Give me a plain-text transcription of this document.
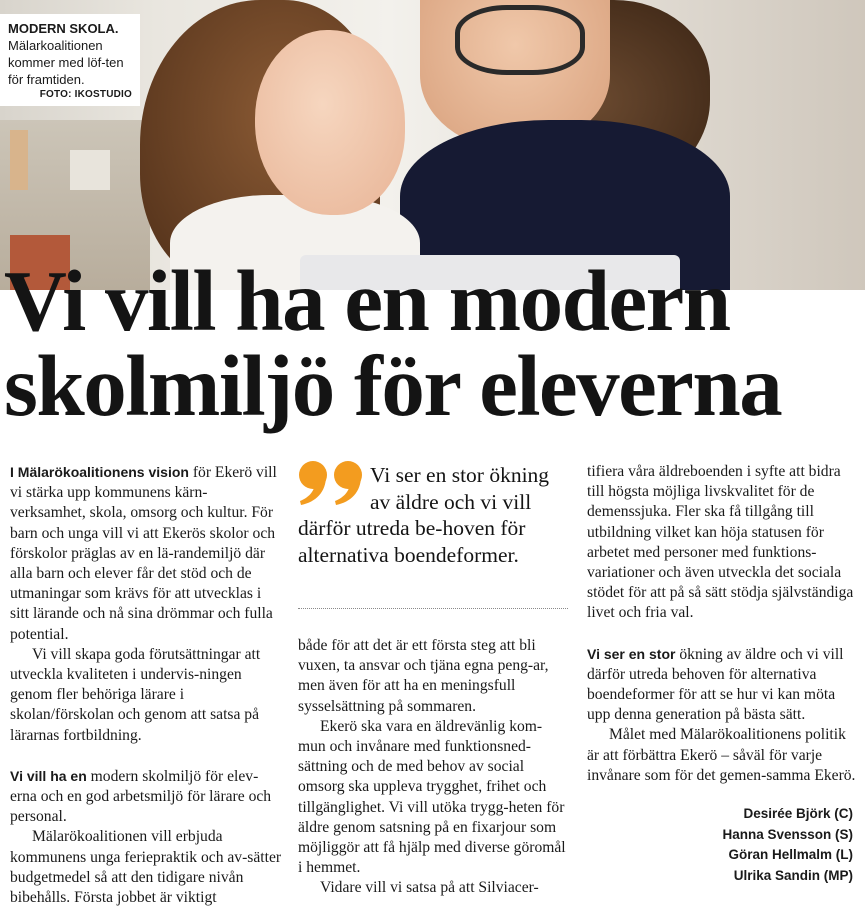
MODERN SKOLA.
Mälarkoalitionen kommer med löf-ten för framtiden.
FOTO: IKOSTUDIO
Vi vill ha en modern
skolmiljö för eleverna

I Mälarökoalitionens vision för Ekerö vill vi stärka upp kommunens kärn-verksamhet, skola, omsorg och kultur. För barn och unga vill vi att Ekerös skolor och förskolor präglas av en lä-randemiljö där alla barn och elever får det stöd och de utmaningar som krävs för att utvecklas i sitt lärande och nå sina drömmar och fulla potential.

Vi vill skapa goda förutsättningar att utveckla kvaliteten i undervis-ningen genom fler behöriga lärare i skolan/förskolan och genom att satsa på lärarnas fortbildning.

Vi vill ha en modern skolmiljö för elev-erna och en god arbetsmiljö för lärare och personal.

Mälarökoalitionen vill erbjuda kommunens unga feriepraktik och av-sätter budgetmedel så att den tidigare nivån bibehålls. Första jobbet är viktigt

Vi ser en stor ökning av äldre och vi vill därför utreda be-hoven för alternativa boendeformer.

både för att det är ett första steg att bli vuxen, ta ansvar och tjäna egna peng-ar, men även för att ha en meningsfull sysselsättning på sommaren.

Ekerö ska vara en äldrevänlig kom-mun och invånare med funktionsned-sättning och de med behov av social omsorg ska uppleva trygghet, frihet och tillgänglighet. Vi vill utöka trygg-heten för äldre genom satsning på en fixarjour som möjliggör att få hjälp med diverse göromål i hemmet.

Vidare vill vi satsa på att Silviacer-

tifiera våra äldreboenden i syfte att bidra till högsta möjliga livskvalitet för de demenssjuka. Fler ska få tillgång till utbildning vilket kan höja statusen för arbetet med personer med funktions-variationer och även utveckla det sociala stödet för att på så sätt stödja självständiga livet och fria val.

Vi ser en stor ökning av äldre och vi vill därför utreda behoven för alternativa boendeformer för att se hur vi kan möta upp denna generation på bästa sätt.

Målet med Mälarökoalitionens politik är att förbättra Ekerö – såväl för varje invånare som för det gemen-samma Ekerö.

Desirée Björk (C)
Hanna Svensson (S)
Göran Hellmalm (L)
Ulrika Sandin (MP)
